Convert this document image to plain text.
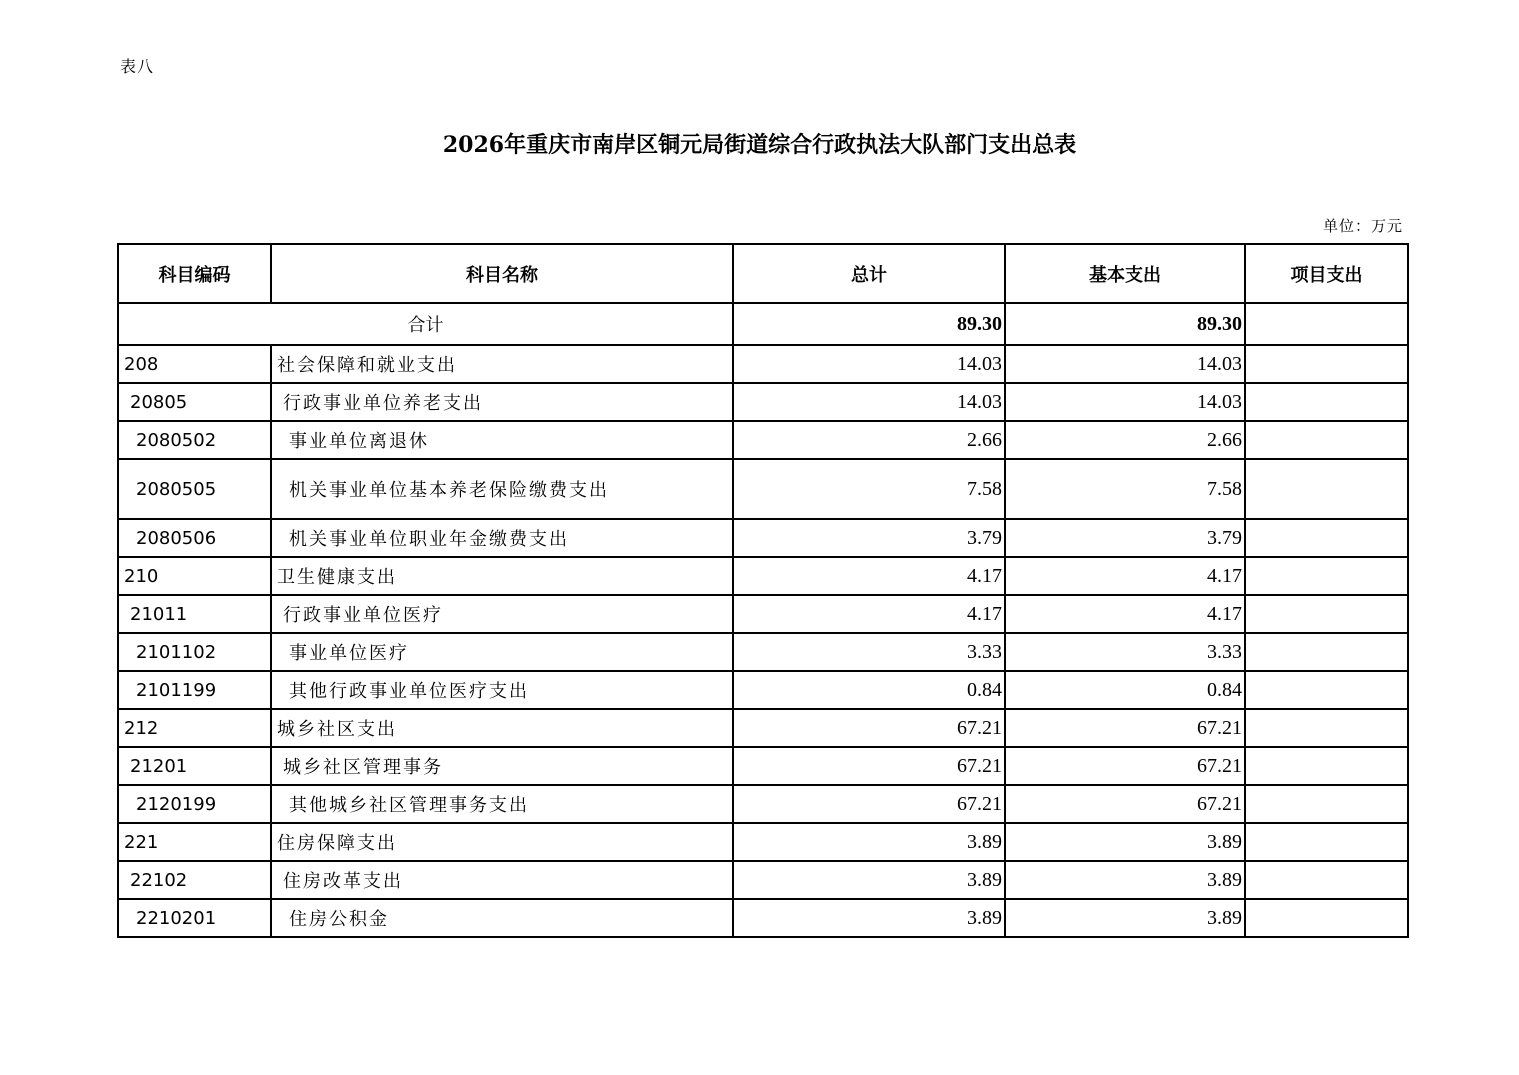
表八
2026年重庆市南岸区铜元局街道综合行政执法大队部门支出总表
单位：万元
科目编码	科目名称	总计	基本支出	项目支出
合计		89.30	89.30	
208	社会保障和就业支出	14.03	14.03	
20805	行政事业单位养老支出	14.03	14.03	
2080502	事业单位离退休	2.66	2.66	
2080505	机关事业单位基本养老保险缴费支出	7.58	7.58	
2080506	机关事业单位职业年金缴费支出	3.79	3.79	
210	卫生健康支出	4.17	4.17	
21011	行政事业单位医疗	4.17	4.17	
2101102	事业单位医疗	3.33	3.33	
2101199	其他行政事业单位医疗支出	0.84	0.84	
212	城乡社区支出	67.21	67.21	
21201	城乡社区管理事务	67.21	67.21	
2120199	其他城乡社区管理事务支出	67.21	67.21	
221	住房保障支出	3.89	3.89	
22102	住房改革支出	3.89	3.89	
2210201	住房公积金	3.89	3.89	
